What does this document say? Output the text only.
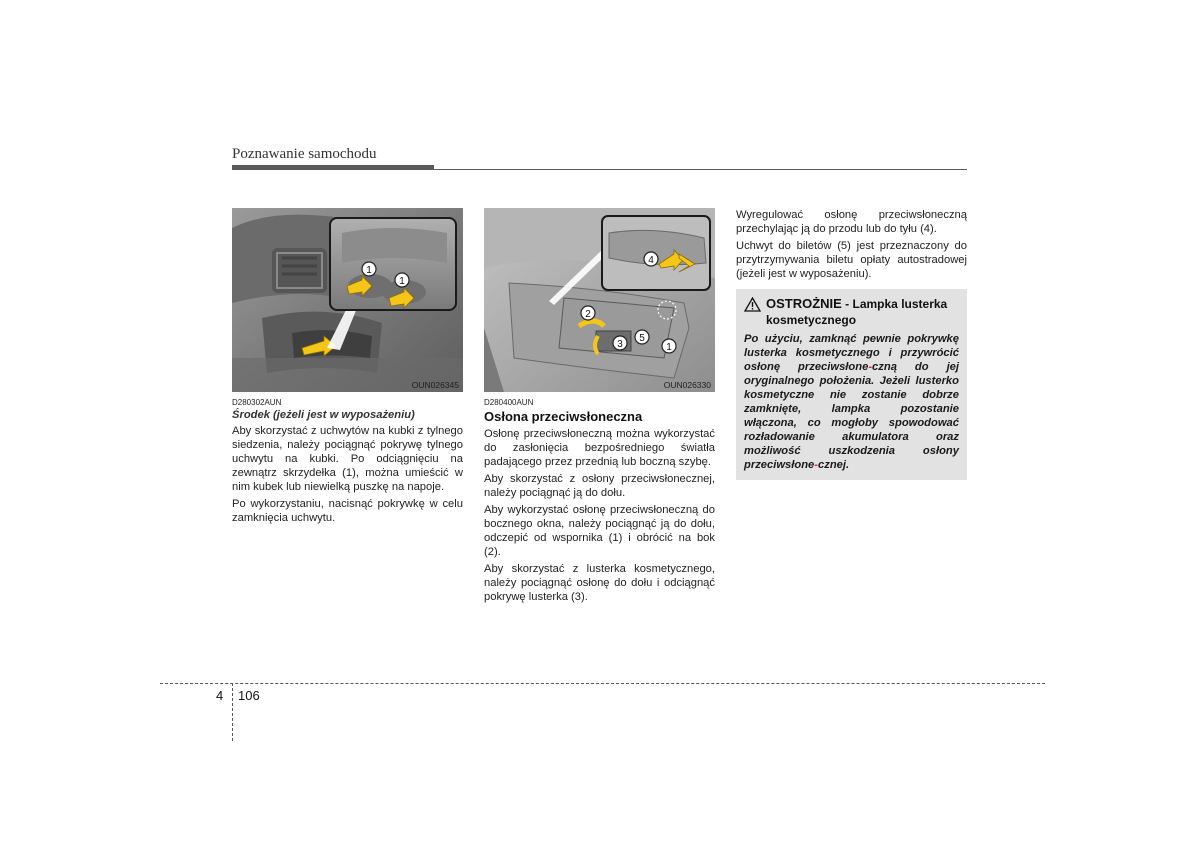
Poznawanie samochodu
1
1
OUN026345
D280302AUN
Środek (jeżeli jest w wyposażeniu)

Aby skorzystać z uchwytów na kubki z tylnego siedzenia, należy pociągnąć pokrywę tylnego uchwytu na kubki. Po odciągnięciu na zewnątrz skrzydełka (1), można umieścić w nim kubek lub niewielką puszkę na napoje.

Po wykorzystaniu, nacisnąć pokrywkę w celu zamknięcia uchwytu.

4
2
3
5
1
OUN026330
D280400AUN
Osłona przeciwsłoneczna

Osłonę przeciwsłoneczną można wykorzystać do zasłonięcia bezpośredniego światła padającego przez przednią lub boczną szybę.

Aby skorzystać z osłony przeciwsłonecznej, należy pociągnąć ją do dołu.

Aby wykorzystać osłonę przeciwsłoneczną do bocznego okna, należy pociągnąć ją do dołu, odczepić od wspornika (1) i obrócić na bok (2).

Aby skorzystać z lusterka kosmetycznego, należy pociągnąć osłonę do dołu i odciągnąć pokrywę lusterka (3).

Wyregulować osłonę przeciwsłoneczną przechylając ją do przodu lub do tyłu (4).

Uchwyt do biletów (5) jest przeznaczony do przytrzymywania biletu opłaty autostradowej (jeżeli jest w wyposażeniu).

OSTROŻNIE - Lampka lusterka kosmetycznego

Po użyciu, zamknąć pewnie pokrywkę lusterka kosmetycznego i przywrócić osłonę przeciwsłone-czną do jej oryginalnego położenia. Jeżeli lusterko kosmetyczne nie zostanie dobrze zamknięte, lampka pozostanie włączona, co mogłoby spowodować rozładowanie akumulatora oraz możliwość uszkodzenia osłony przeciwsłone-cznej.

4 106
